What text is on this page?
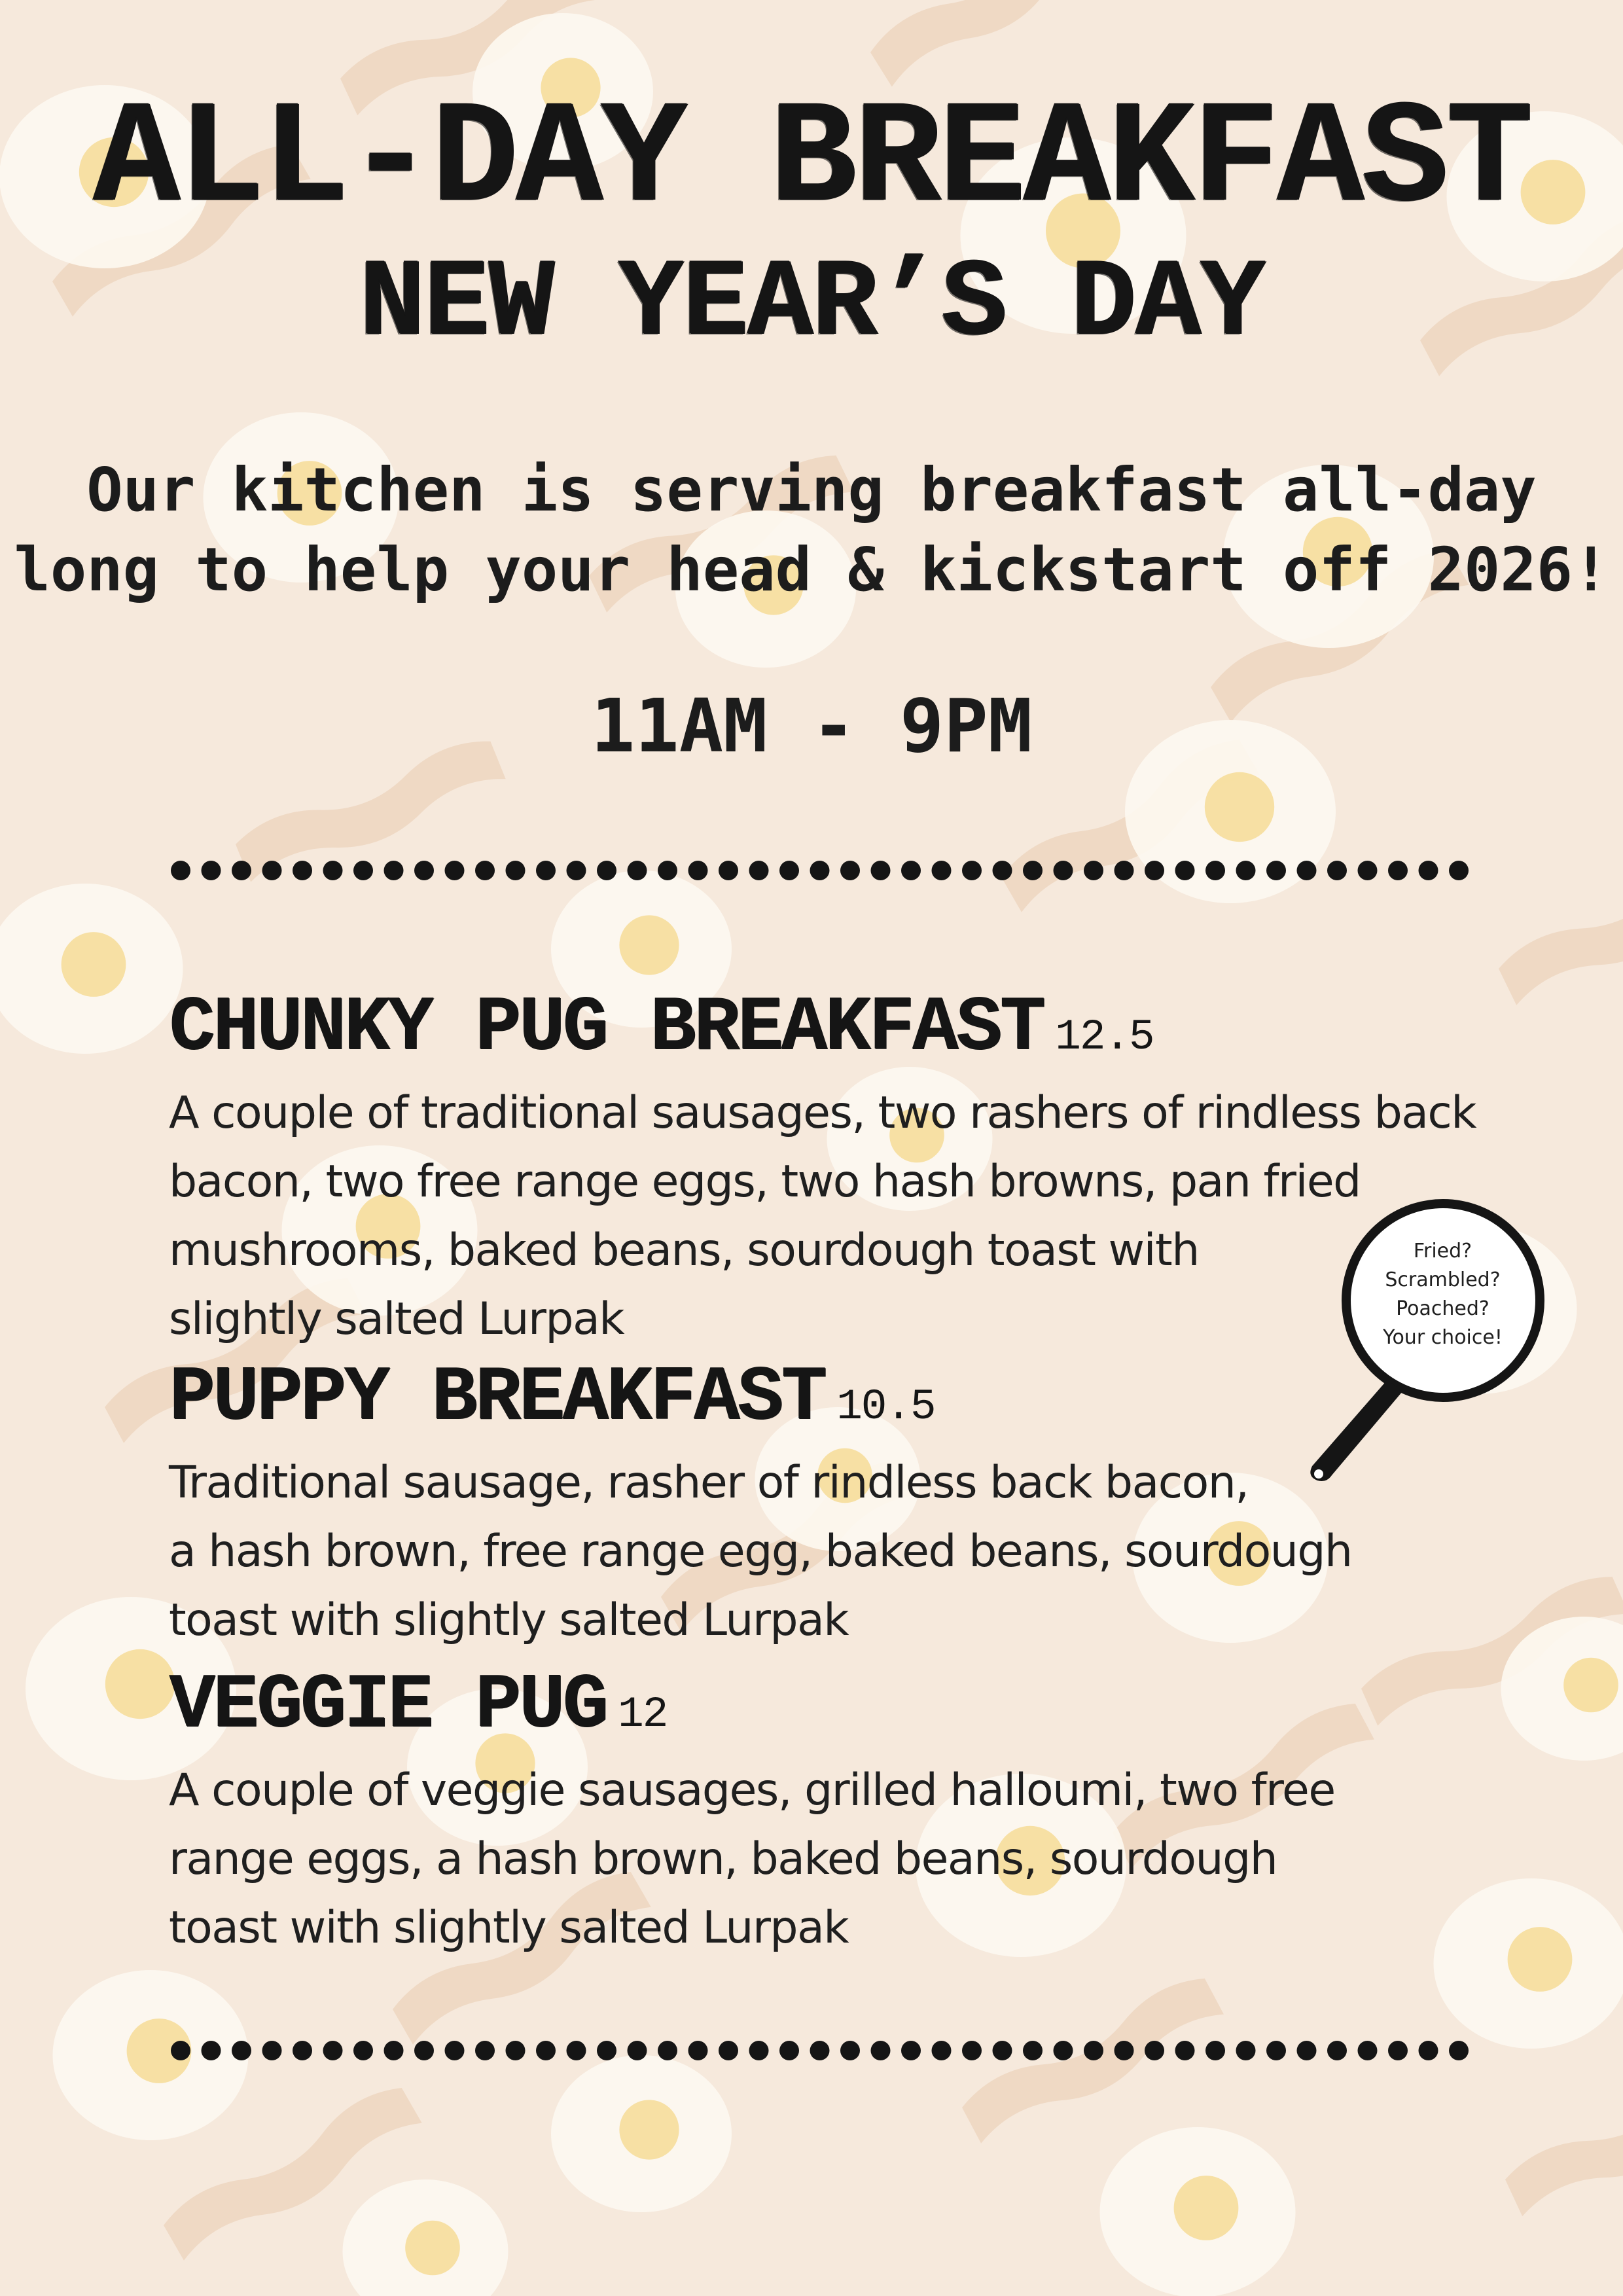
ALL-DAY BREAKFAST
NEW YEAR’S DAY
Our kitchen is serving breakfast all-day
long to help your head & kickstart off 2026!
11AM - 9PM
CHUNKY PUG BREAKFAST 12.5
A couple of traditional sausages, two rashers of rindless back
bacon, two free range eggs, two hash browns, pan fried
mushrooms, baked beans, sourdough toast with
slightly salted Lurpak
PUPPY BREAKFAST 10.5
Traditional sausage, rasher of rindless back bacon,
a hash brown, free range egg, baked beans, sourdough
toast with slightly salted Lurpak
VEGGIE PUG 12
A couple of veggie sausages, grilled halloumi, two free
range eggs, a hash brown, baked beans, sourdough
toast with slightly salted Lurpak
Fried?
Scrambled?
Poached?
Your choice!
